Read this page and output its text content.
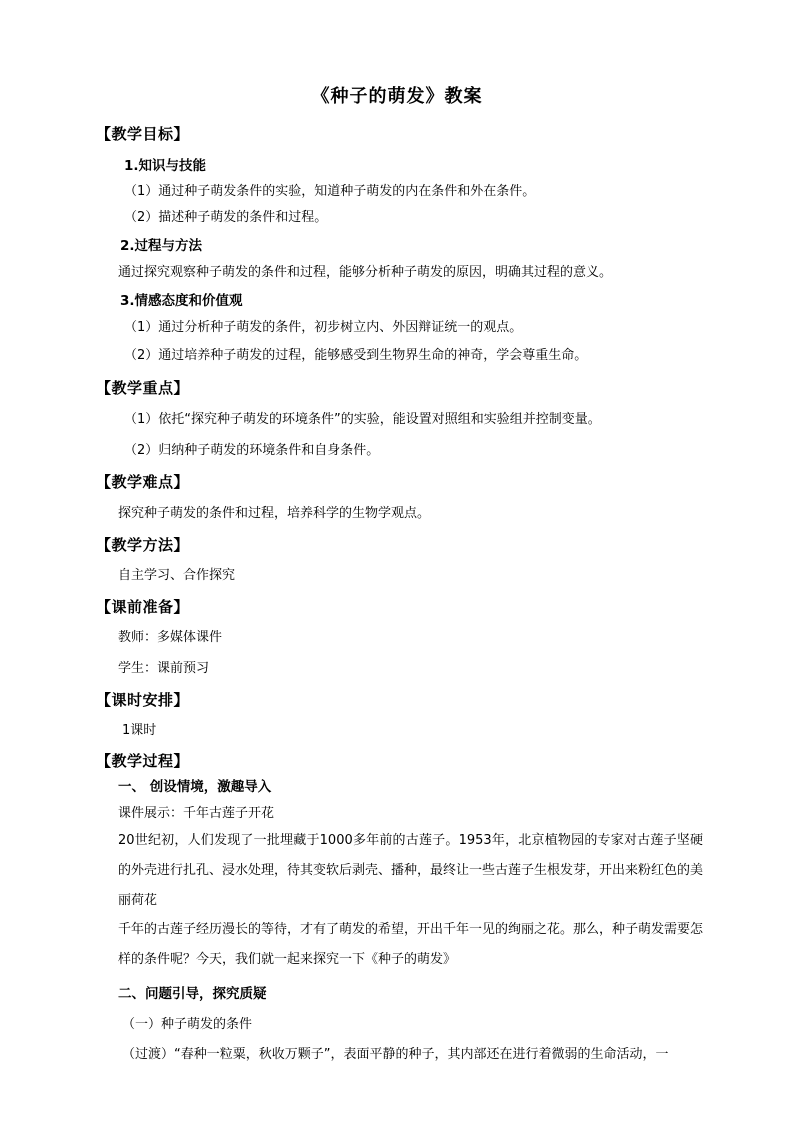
《种子的萌发》教案
【教学目标】
1.知识与技能
（1）通过种子萌发条件的实验，知道种子萌发的内在条件和外在条件。
（2）描述种子萌发的条件和过程。
2.过程与方法
通过探究观察种子萌发的条件和过程，能够分析种子萌发的原因，明确其过程的意义。
3.情感态度和价值观
（1）通过分析种子萌发的条件，初步树立内、外因辩证统一的观点。
（2）通过培养种子萌发的过程，能够感受到生物界生命的神奇，学会尊重生命。
【教学重点】
（1）依托“探究种子萌发的环境条件”的实验，能设置对照组和实验组并控制变量。
（2）归纳种子萌发的环境条件和自身条件。
【教学难点】
探究种子萌发的条件和过程，培养科学的生物学观点。
【教学方法】
自主学习、合作探究
【课前准备】
教师：多媒体课件
学生：课前预习
【课时安排】
1课时
【教学过程】
一、 创设情境，激趣导入
课件展示：千年古莲子开花
20世纪初，人们发现了一批埋藏于1000多年前的古莲子。1953年，北京植物园的专家对古莲子坚硬的外壳进行扎孔、浸水处理，待其变软后剥壳、播种，最终让一些古莲子生根发芽，开出来粉红色的美丽荷花
千年的古莲子经历漫长的等待，才有了萌发的希望，开出千年一见的绚丽之花。那么，种子萌发需要怎样的条件呢？今天，我们就一起来探究一下《种子的萌发》
二、问题引导，探究质疑
（一）种子萌发的条件
（过渡）“春种一粒粟，秋收万颗子”，表面平静的种子，其内部还在进行着微弱的生命活动，一
